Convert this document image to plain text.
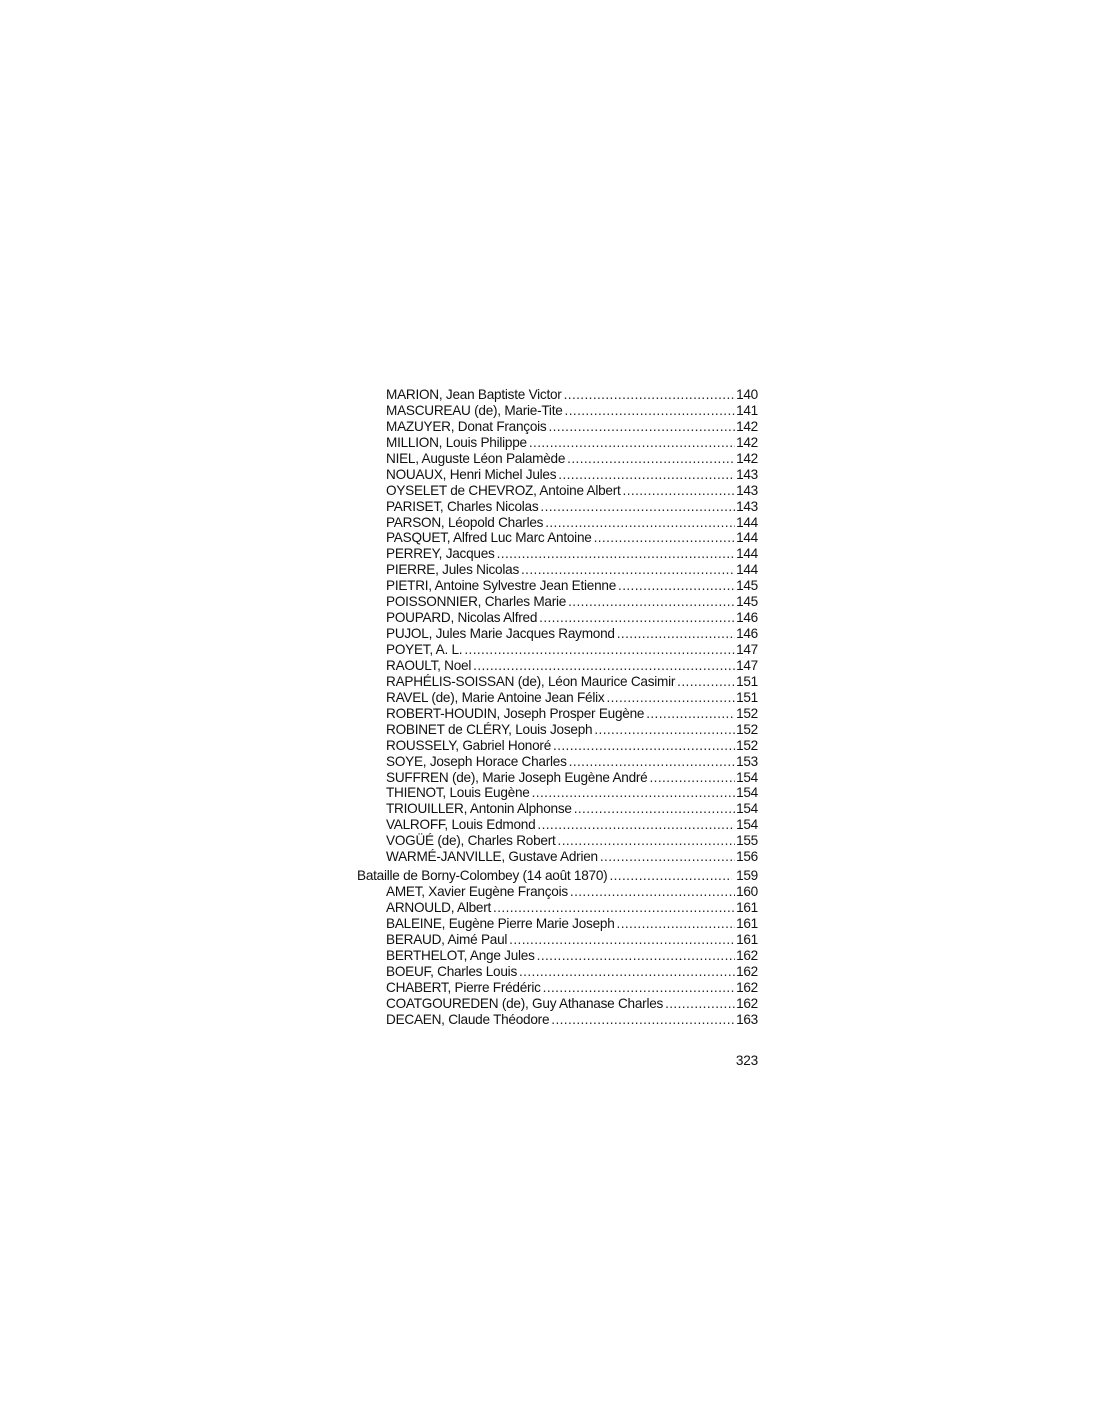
MARION, Jean Baptiste Victor .....	140
MASCUREAU (de), Marie-Tite .....	141
MAZUYER, Donat François .....	142
MILLION, Louis Philippe .....	142
NIEL, Auguste Léon Palamède .....	142
NOUAUX, Henri Michel Jules .....	143
OYSELET de CHEVROZ, Antoine Albert .....	143
PARISET, Charles Nicolas .....	143
PARSON, Léopold Charles .....	144
PASQUET, Alfred Luc Marc Antoine .....	144
PERREY, Jacques .....	144
PIERRE, Jules Nicolas .....	144
PIETRI, Antoine Sylvestre Jean Etienne .....	145
POISSONNIER, Charles Marie .....	145
POUPARD, Nicolas Alfred .....	146
PUJOL, Jules Marie Jacques Raymond .....	146
POYET, A. L. .....	147
RAOULT, Noel .....	147
RAPHÉLIS-SOISSAN (de), Léon Maurice Casimir .....	151
RAVEL (de), Marie Antoine Jean Félix .....	151
ROBERT-HOUDIN, Joseph Prosper Eugène .....	152
ROBINET de CLÉRY, Louis Joseph .....	152
ROUSSELY, Gabriel Honoré .....	152
SOYE, Joseph Horace Charles .....	153
SUFFREN (de), Marie Joseph Eugène André .....	154
THIENOT, Louis Eugène .....	154
TRIOUILLER, Antonin Alphonse .....	154
VALROFF, Louis Edmond .....	154
VOGÜÉ (de), Charles Robert .....	155
WARMÉ-JANVILLE, Gustave Adrien .....	156
Bataille de Borny-Colombey (14 août 1870) .....	159
AMET, Xavier Eugène François .....	160
ARNOULD, Albert .....	161
BALEINE, Eugène Pierre Marie Joseph .....	161
BERAUD, Aimé Paul .....	161
BERTHELOT, Ange Jules .....	162
BOEUF, Charles Louis .....	162
CHABERT, Pierre Frédéric .....	162
COATGOUREDEN (de), Guy Athanase Charles .....	162
DECAEN, Claude Théodore .....	163
323
